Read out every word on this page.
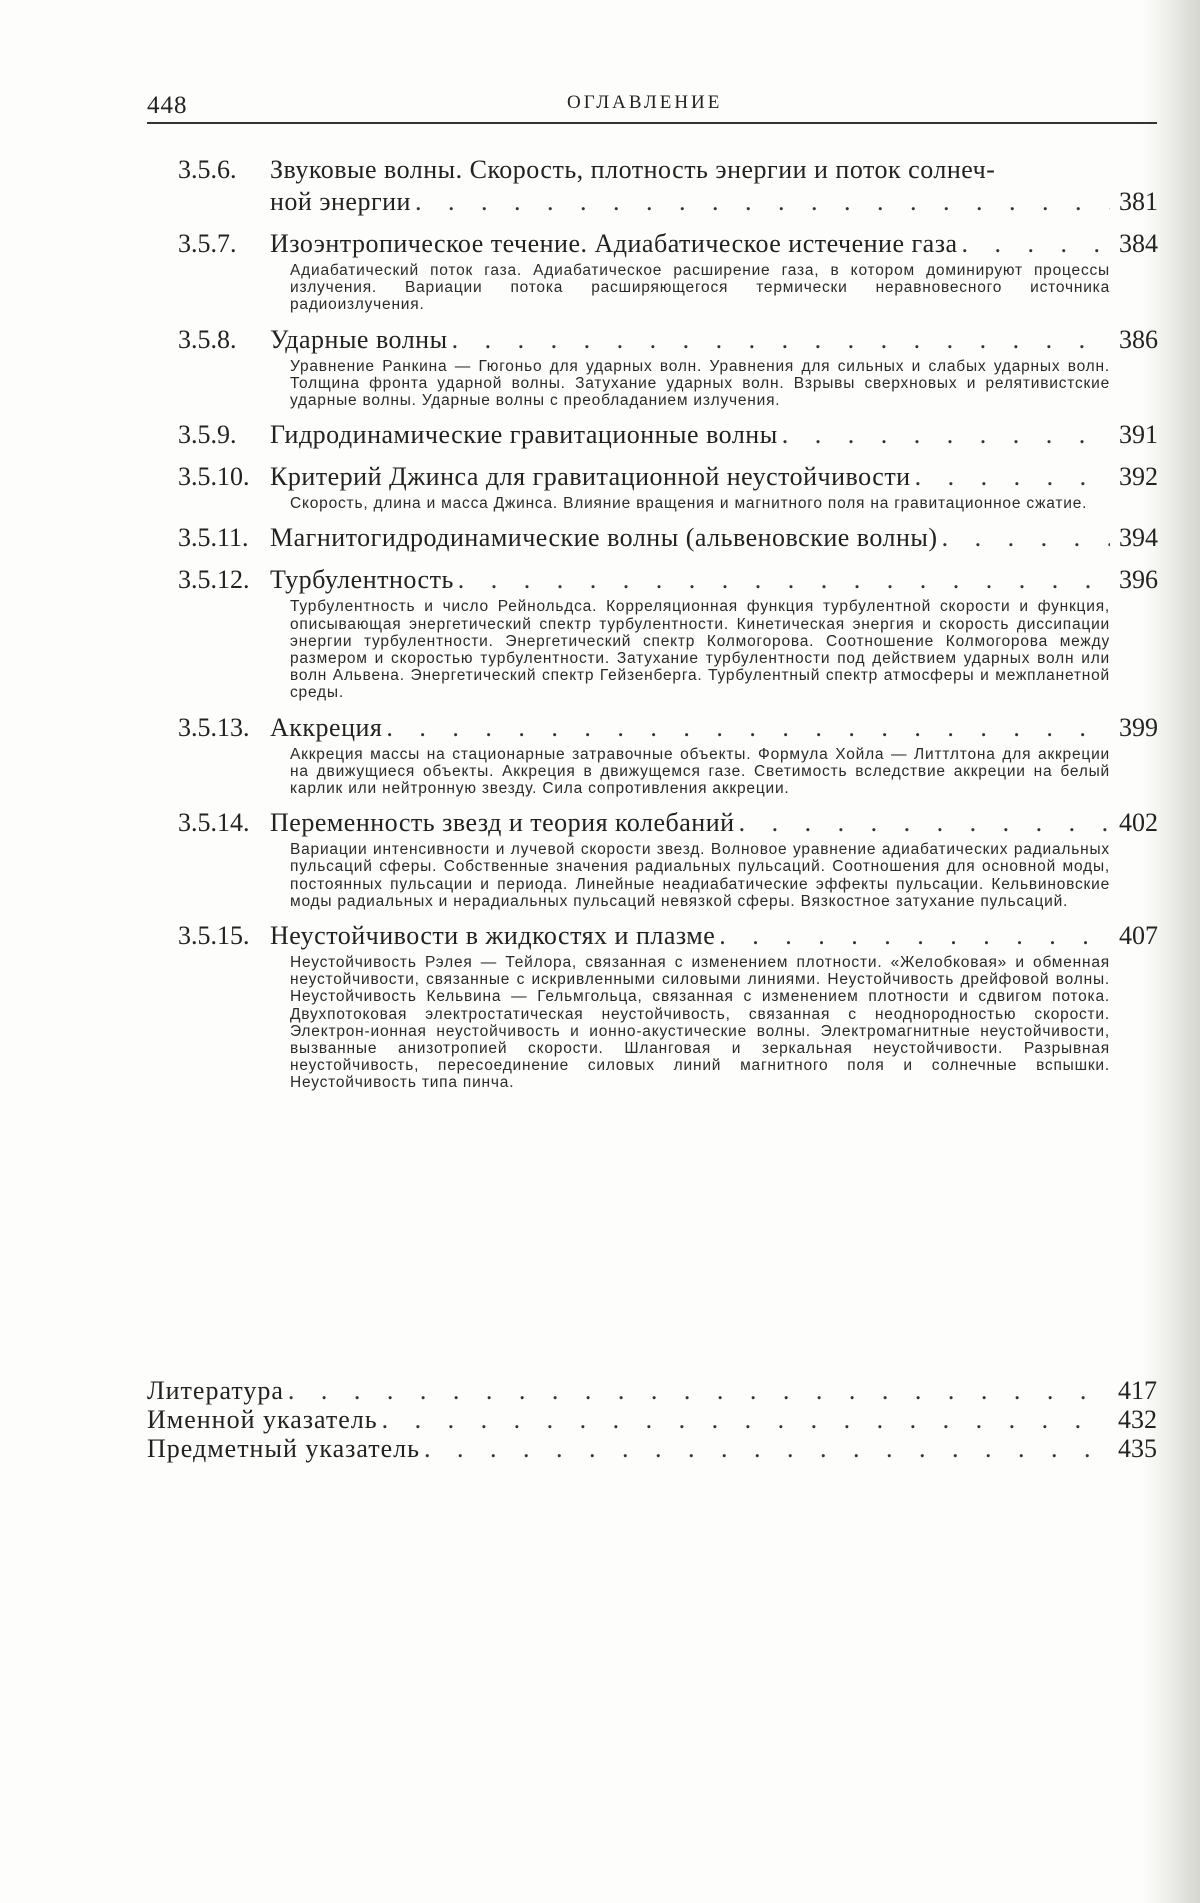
448	ОГЛАВЛЕНИЕ
3.5.6.	Звуковые волны. Скорость, плотность энергии и поток солнеч-
ной энергии . . .	381
3.5.7.	Изоэнтропическое течение. Адиабатическое истечение газа . . .	384
Адиабатический поток газа. Адиабатическое расширение газа, в котором доминируют процессы излучения. Вариации потока расширяющегося термически неравновесного источника радиоизлучения.
3.5.8.	Ударные волны . . .	386
Уравнение Ранкина — Гюгоньо для ударных волн. Уравнения для сильных и слабых ударных волн. Толщина фронта ударной волны. Затухание ударных волн. Взрывы сверхновых и релятивистские ударные волны. Ударные волны с преобладанием излучения.
3.5.9.	Гидродинамические гравитационные волны . . .	391
3.5.10. Критерий Джинса для гравитационной неустойчивости . . .	392
Скорость, длина и масса Джинса. Влияние вращения и магнитного поля на гравитационное сжатие.
3.5.11. Магнитогидродинамические волны (альвеновские волны) . . .	394
3.5.12. Турбулентность . . .	396
Турбулентность и число Рейнольдса. Корреляционная функция турбулентной скорости и функция, описывающая энергетический спектр турбулентности. Кинетическая энергия и скорость диссипации энергии турбулентности. Энергетический спектр Колмогорова. Соотношение Колмогорова между размером и скоростью турбулентности. Затухание турбулентности под действием ударных волн или волн Альвена. Энергетический спектр Гейзенберга. Турбулентный спектр атмосферы и межпланетной среды.
3.5.13. Аккреция . . .	399
Аккреция массы на стационарные затравочные объекты. Формула Хойла — Литтлтона для аккреции на движущиеся объекты. Аккреция в движущемся газе. Светимость вследствие аккреции на белый карлик или нейтронную звезду. Сила сопротивления аккреции.
3.5.14. Переменность звезд и теория колебаний . . .	402
Вариации интенсивности и лучевой скорости звезд. Волновое уравнение адиабатических радиальных пульсаций сферы. Собственные значения радиальных пульсаций. Соотношения для основной моды, постоянных пульсации и периода. Линейные неадиабатические эффекты пульсации. Кельвиновские моды радиальных и нерадиальных пульсаций невязкой сферы. Вязкостное затухание пульсаций.
3.5.15. Неустойчивости в жидкостях и плазме . . .	407
Неустойчивость Рэлея — Тейлора, связанная с изменением плотности. «Желобковая» и обменная неустойчивости, связанные с искривленными силовыми линиями. Неустойчивость дрейфовой волны. Неустойчивость Кельвина — Гельмгольца, связанная с изменением плотности и сдвигом потока. Двухпотоковая электростатическая неустойчивость, связанная с неоднородностью скорости. Электрон-ионная неустойчивость и ионно-акустические волны. Электромагнитные неустойчивости, вызванные анизотропией скорости. Шланговая и зеркальная неустойчивости. Разрывная неустойчивость, пересоединение силовых линий магнитного поля и солнечные вспышки. Неустойчивость типа пинча.
Литература . . .	417
Именной указатель . . .	432
Предметный указатель . . .	435
